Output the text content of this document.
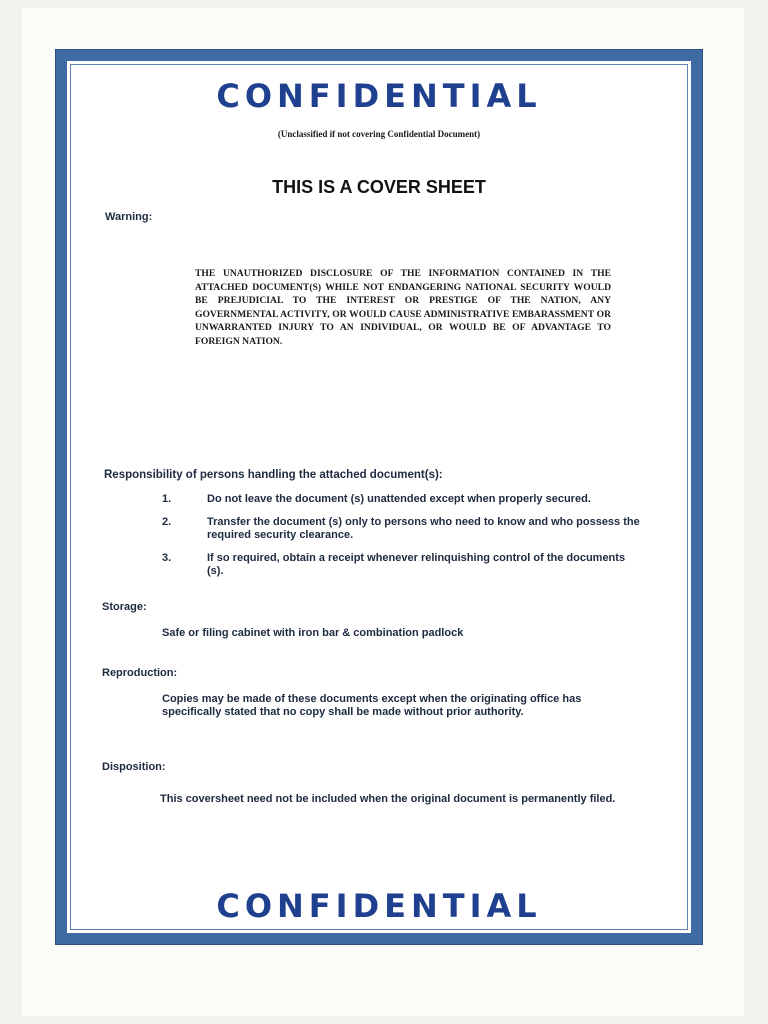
CONFIDENTIAL
(Unclassified if not covering Confidential Document)
THIS IS A COVER SHEET
Warning:
THE UNAUTHORIZED DISCLOSURE OF THE INFORMATION CONTAINED IN THE ATTACHED DOCUMENT(S) WHILE NOT ENDANGERING NATIONAL SECURITY WOULD BE PREJUDICIAL TO THE INTEREST OR PRESTIGE OF THE NATION, ANY GOVERNMENTAL ACTIVITY, OR WOULD CAUSE ADMINISTRATIVE EMBARASSMENT OR UNWARRANTED INJURY TO AN INDIVIDUAL, OR WOULD BE OF ADVANTAGE TO FOREIGN NATION.
Responsibility of persons handling the attached document(s):
1.	Do not leave the document (s) unattended except when properly secured.
2.	Transfer the document (s) only to persons who need to know and who possess the required security clearance.
3.	If so required, obtain a receipt whenever relinquishing control of the documents (s).
Storage:
Safe or filing cabinet with iron bar & combination padlock
Reproduction:
Copies may be made of these documents except when the originating office has specifically stated that no copy shall be made without prior authority.
Disposition:
This coversheet need not be included when the original document is permanently filed.
CONFIDENTIAL
